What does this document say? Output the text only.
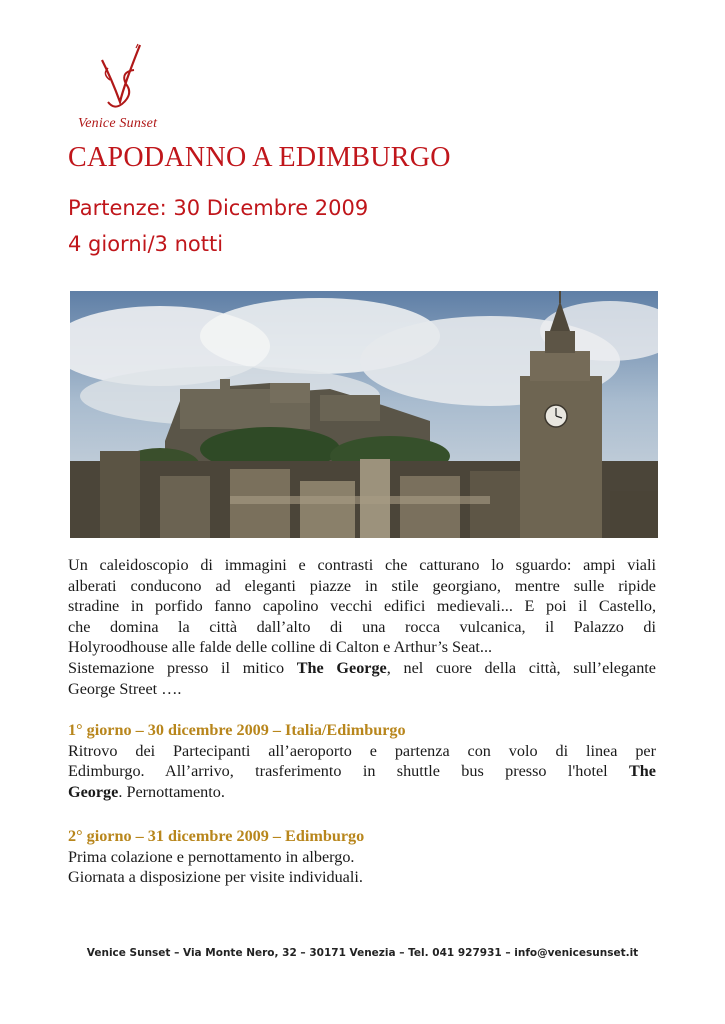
Venice Sunset
CAPODANNO A EDIMBURGO
Partenze: 30 Dicembre 2009
4 giorni/3 notti
Un caleidoscopio di immagini e contrasti che catturano lo sguardo: ampi viali
alberati conducono ad eleganti piazze in stile georgiano, mentre sulle ripide
stradine in porfido fanno capolino vecchi edifici medievali... E poi il Castello,
che domina la città dall’alto di una rocca vulcanica, il Palazzo di
Holyroodhouse alle falde delle colline di Calton e Arthur’s Seat...
Sistemazione presso il mitico The George, nel cuore della città, sull’elegante
George Street ….
1° giorno – 30 dicembre 2009 – Italia/Edimburgo
Ritrovo dei Partecipanti all’aeroporto e partenza con volo di linea per
Edimburgo. All’arrivo, trasferimento in shuttle bus presso l'hotel The
George. Pernottamento.
2° giorno – 31 dicembre 2009 – Edimburgo
Prima colazione e pernottamento in albergo.
Giornata a disposizione per visite individuali.
Venice Sunset – Via Monte Nero, 32 – 30171 Venezia – Tel. 041 927931 – info@venicesunset.it
